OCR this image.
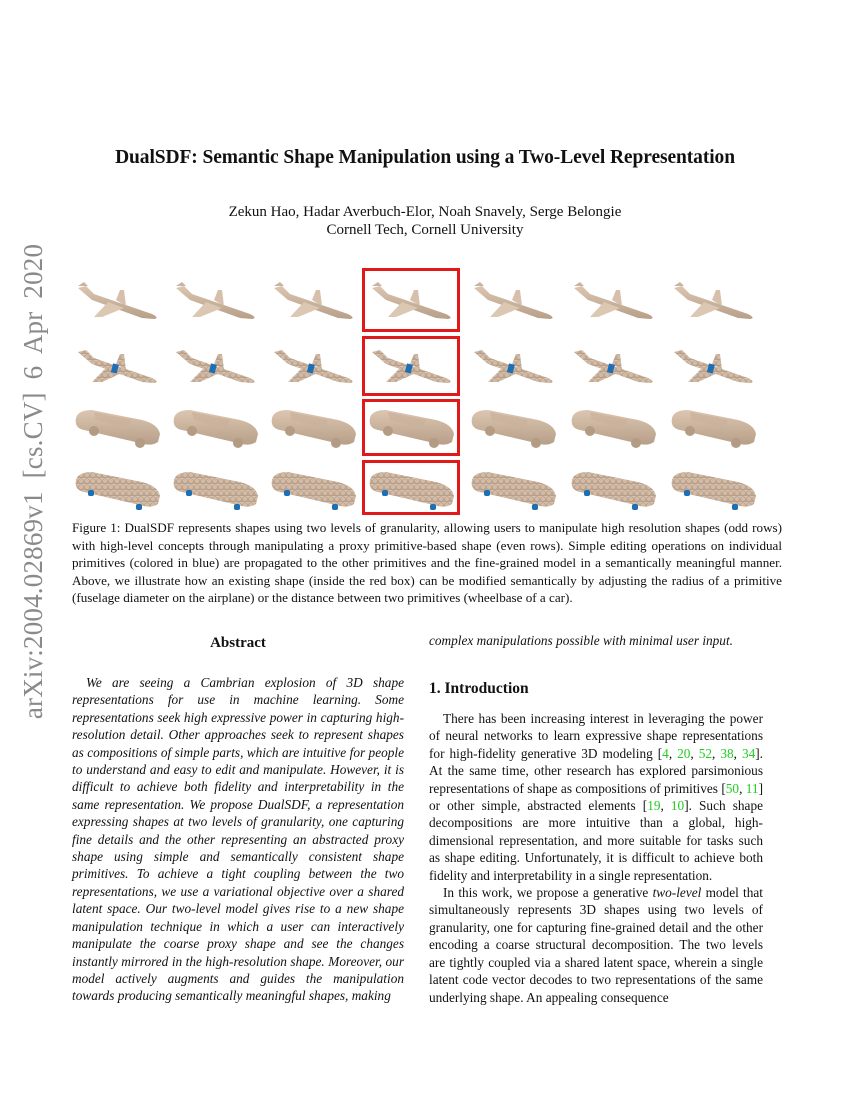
arXiv:2004.02869v1 [cs.CV] 6 Apr 2020
DualSDF: Semantic Shape Manipulation using a Two-Level Representation
Zekun Hao, Hadar Averbuch-Elor, Noah Snavely, Serge Belongie
Cornell Tech, Cornell University
Figure 1: DualSDF represents shapes using two levels of granularity, allowing users to manipulate high resolution shapes (odd rows) with high-level concepts through manipulating a proxy primitive-based shape (even rows). Simple editing operations on individual primitives (colored in blue) are propagated to the other primitives and the fine-grained model in a semantically meaningful manner. Above, we illustrate how an existing shape (inside the red box) can be modified semantically by adjusting the radius of a primitive (fuselage diameter on the airplane) or the distance between two primitives (wheelbase of a car).
Abstract

We are seeing a Cambrian explosion of 3D shape representations for use in machine learning. Some representations seek high expressive power in capturing high-resolution detail. Other approaches seek to represent shapes as compositions of simple parts, which are intuitive for people to understand and easy to edit and manipulate. However, it is difficult to achieve both fidelity and interpretability in the same representation. We propose DualSDF, a representation expressing shapes at two levels of granularity, one capturing fine details and the other representing an abstracted proxy shape using simple and semantically consistent shape primitives. To achieve a tight coupling between the two representations, we use a variational objective over a shared latent space. Our two-level model gives rise to a new shape manipulation technique in which a user can interactively manipulate the coarse proxy shape and see the changes instantly mirrored in the high-resolution shape. Moreover, our model actively augments and guides the manipulation towards producing semantically meaningful shapes, making

complex manipulations possible with minimal user input.

1. Introduction

There has been increasing interest in leveraging the power of neural networks to learn expressive shape representations for high-fidelity generative 3D modeling [4, 20, 52, 38, 34]. At the same time, other research has explored parsimonious representations of shape as compositions of primitives [50, 11] or other simple, abstracted elements [19, 10]. Such shape decompositions are more intuitive than a global, high-dimensional representation, and more suitable for tasks such as shape editing. Unfortunately, it is difficult to achieve both fidelity and interpretability in a single representation.

In this work, we propose a generative two-level model that simultaneously represents 3D shapes using two levels of granularity, one for capturing fine-grained detail and the other encoding a coarse structural decomposition. The two levels are tightly coupled via a shared latent space, wherein a single latent code vector decodes to two representations of the same underlying shape. An appealing consequence
